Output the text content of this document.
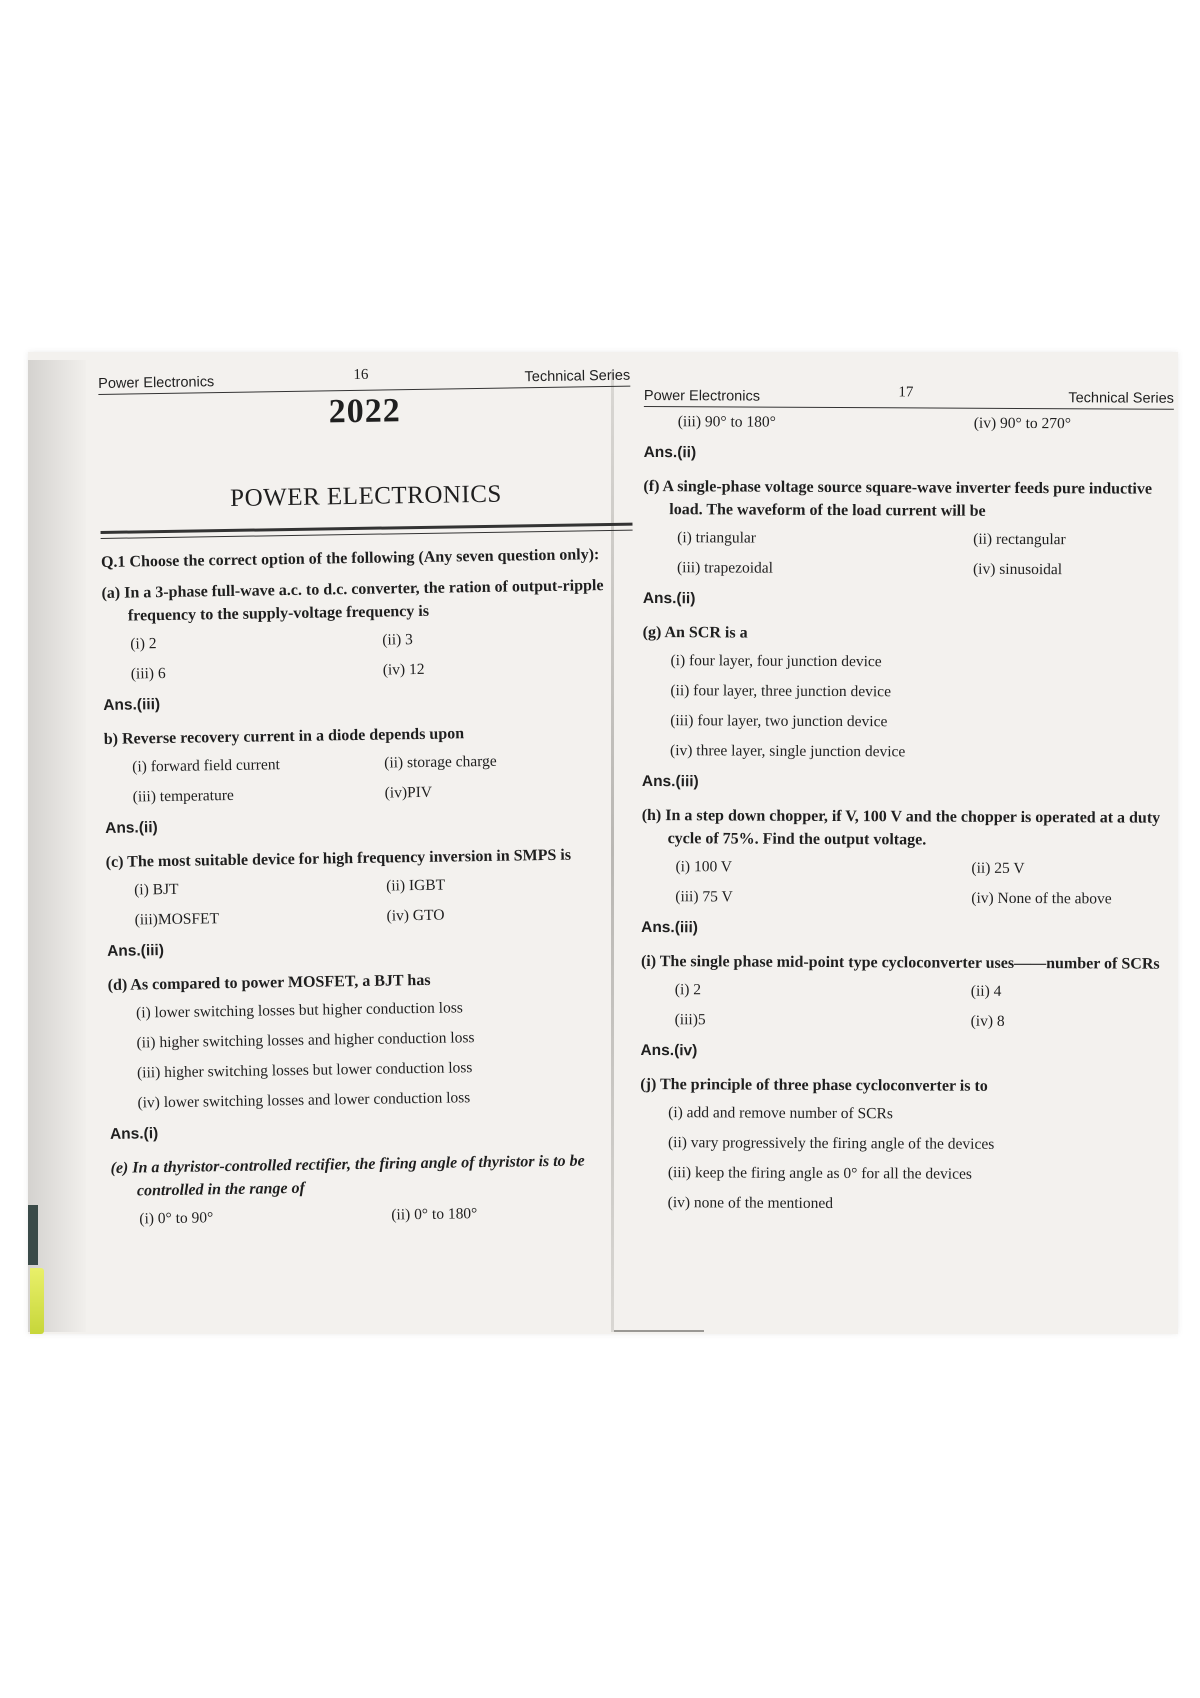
Power Electronics	16	Technical Series
2022
POWER ELECTRONICS
Q.1 Choose the correct option of the following (Any seven question only):
(a) In a 3-phase full-wave a.c. to d.c. converter, the ration of output-ripple frequency to the supply-voltage frequency is
(i) 2	(ii) 3
(iii) 6	(iv) 12
Ans.(iii)
b) Reverse recovery current in a diode depends upon
(i) forward field current	(ii) storage charge
(iii) temperature	(iv)PIV
Ans.(ii)
(c) The most suitable device for high frequency inversion in SMPS is
(i) BJT	(ii) IGBT
(iii)MOSFET	(iv) GTO
Ans.(iii)
(d) As compared to power MOSFET, a BJT has
(i) lower switching losses but higher conduction loss
(ii) higher switching losses and higher conduction loss
(iii) higher switching losses but lower conduction loss
(iv) lower switching losses and lower conduction loss
Ans.(i)
(e) In a thyristor-controlled rectifier, the firing angle of thyristor is to be controlled in the range of
(i) 0° to 90°	(ii) 0° to 180°
Power Electronics	17	Technical Series
(iii) 90° to 180°	(iv) 90° to 270°
Ans.(ii)
(f) A single-phase voltage source square-wave inverter feeds pure inductive load. The waveform of the load current will be
(i) triangular	(ii) rectangular
(iii) trapezoidal	(iv) sinusoidal
Ans.(ii)
(g) An SCR is a
(i) four layer, four junction device
(ii) four layer, three junction device
(iii) four layer, two junction device
(iv) three layer, single junction device
Ans.(iii)
(h) In a step down chopper, if V, 100 V and the chopper is operated at a duty cycle of 75%. Find the output voltage.
(i) 100 V	(ii) 25 V
(iii) 75 V	(iv) None of the above
Ans.(iii)
(i) The single phase mid-point type cycloconverter uses——number of SCRs
(i) 2	(ii) 4
(iii)5	(iv) 8
Ans.(iv)
(j) The principle of three phase cycloconverter is to
(i) add and remove number of SCRs
(ii) vary progressively the firing angle of the devices
(iii) keep the firing angle as 0° for all the devices
(iv) none of the mentioned
